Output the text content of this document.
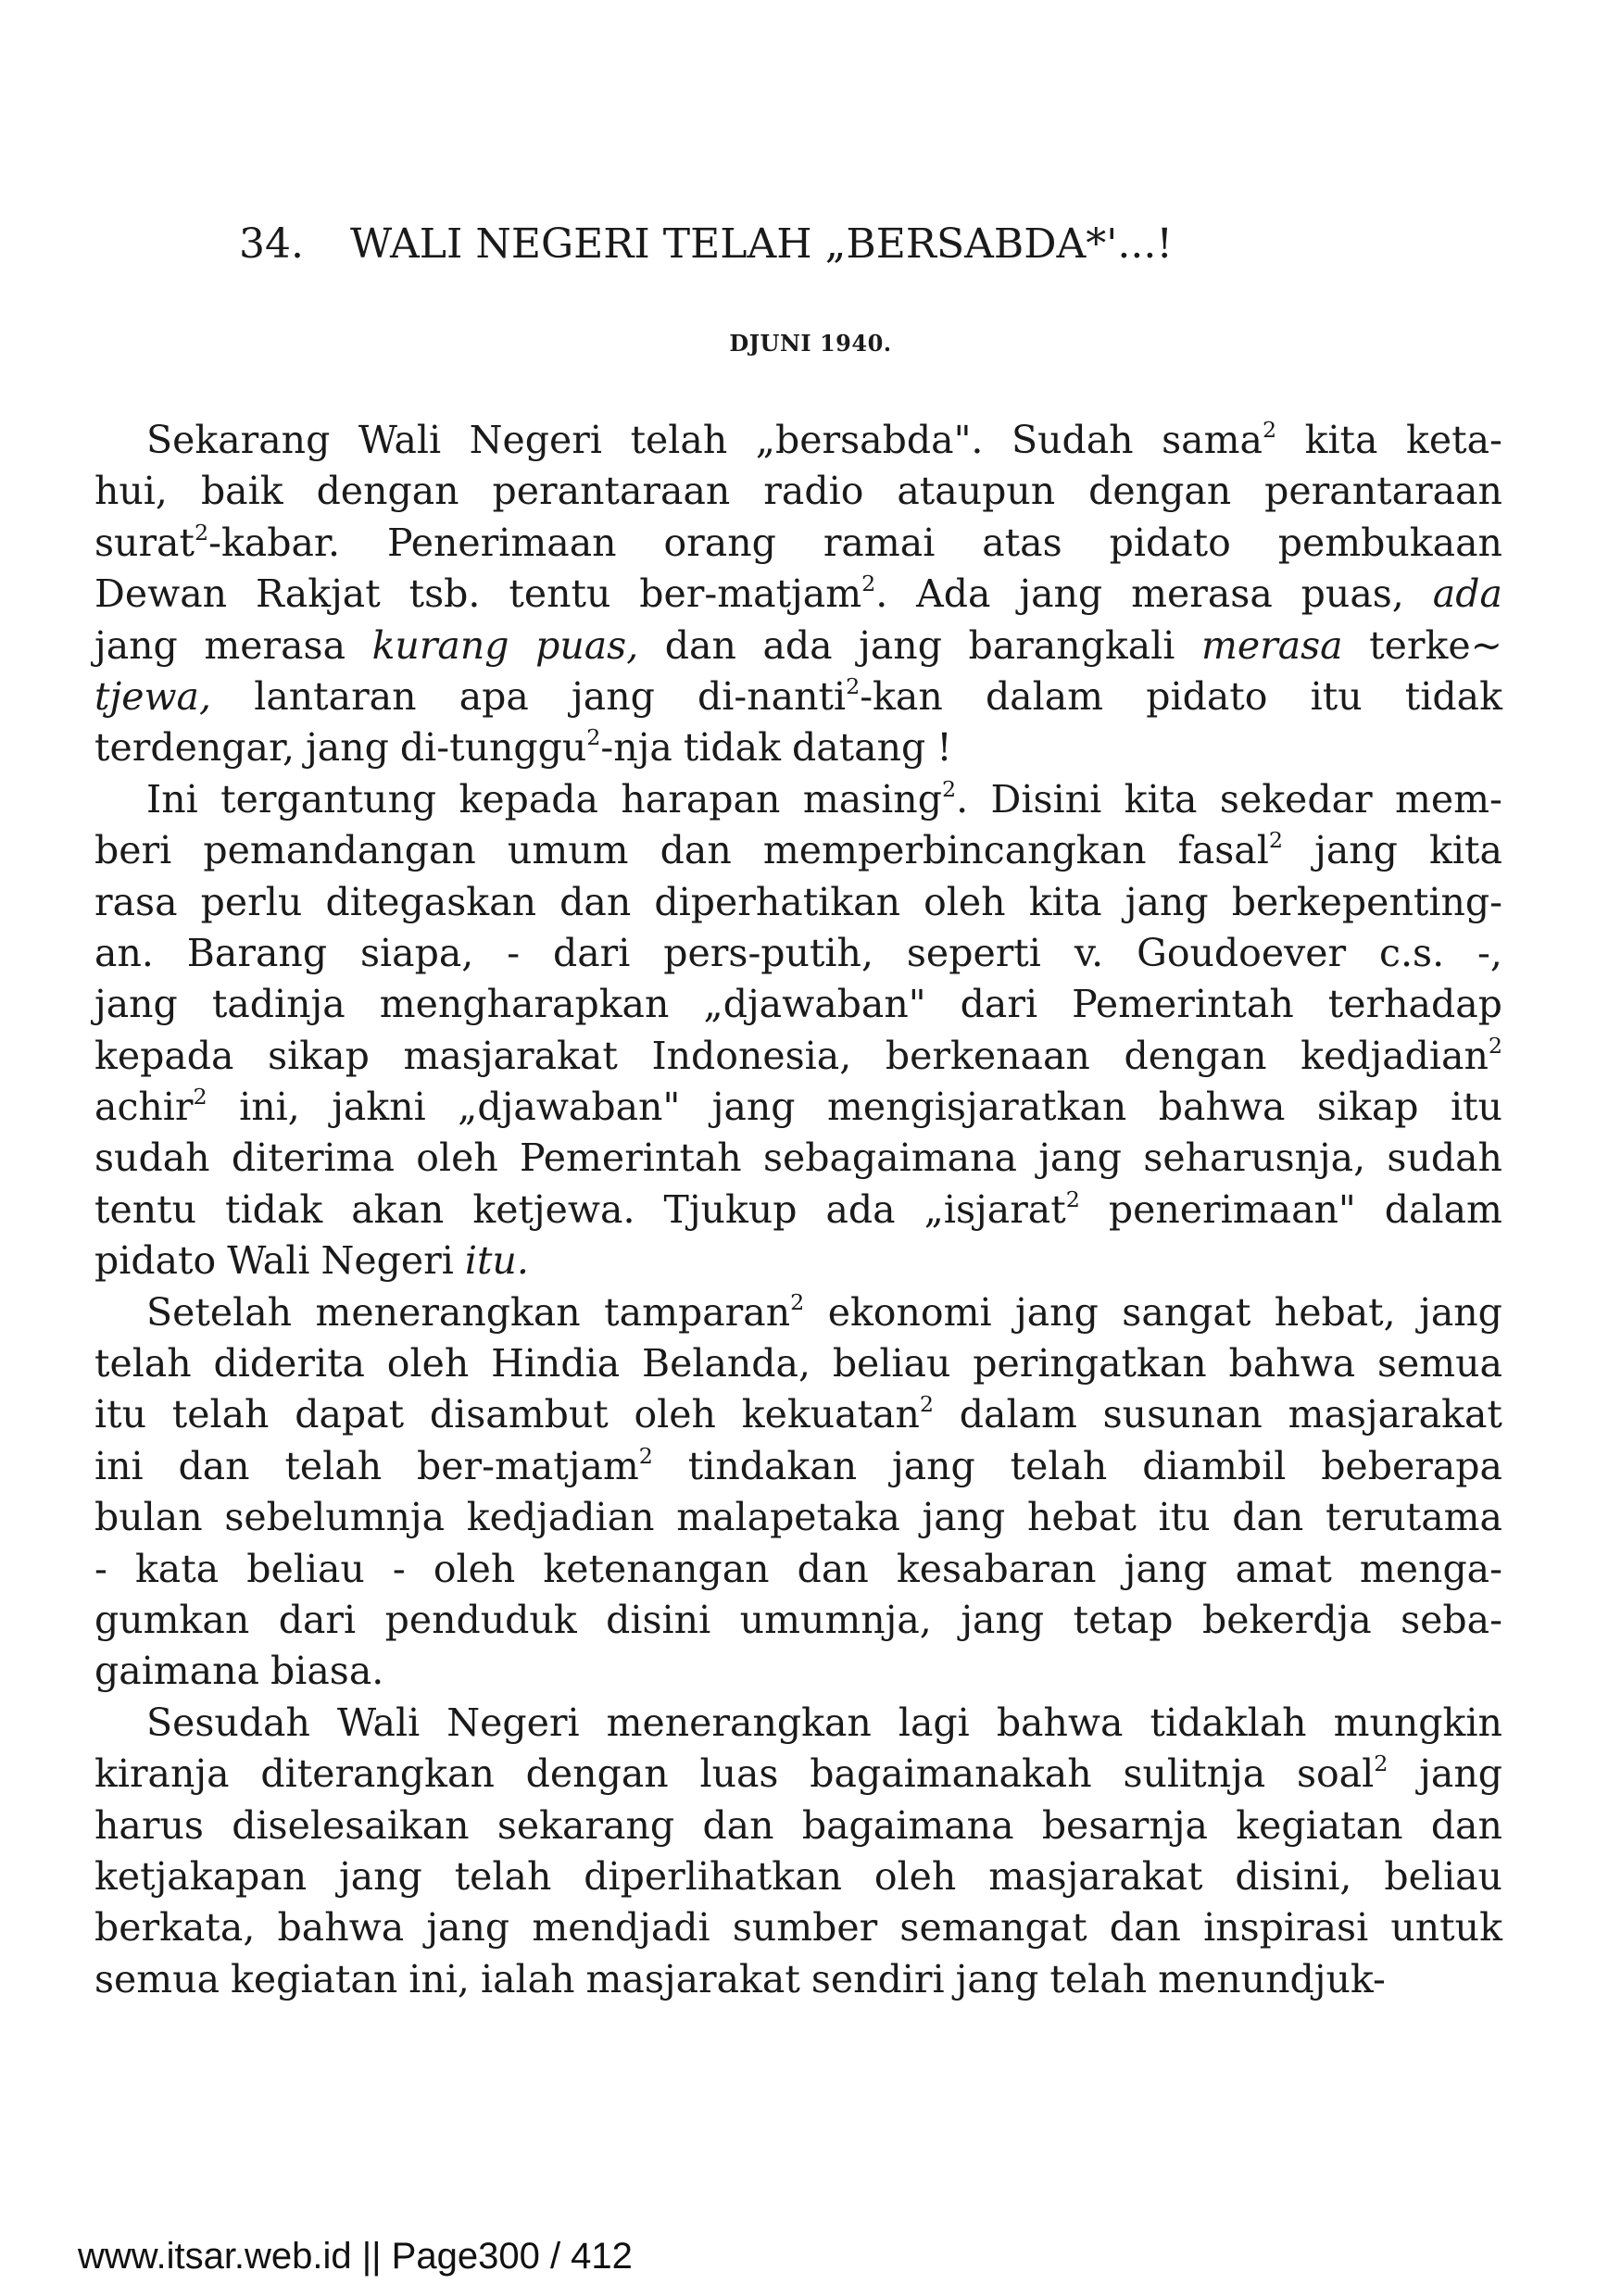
34. WALI NEGERI TELAH „BERSABDA*'...!
DJUNI 1940.
Sekarang Wali Negeri telah „bersabda". Sudah sama$^2$ kita keta-
hui, baik dengan perantaraan radio ataupun dengan perantaraan
surat$^2$-kabar. Penerimaan orang ramai atas pidato pembukaan
Dewan Rakjat tsb. tentu ber-matjam$^2$. Ada jang merasa puas, ada
jang merasa kurang puas, dan ada jang barangkali merasa terke~
tjewa, lantaran apa jang di-nanti$^2$-kan dalam pidato itu tidak
terdengar, jang di-tunggu$^2$-nja tidak datang !
Ini tergantung kepada harapan masing$^2$. Disini kita sekedar mem-
beri pemandangan umum dan memperbincangkan fasal$^2$ jang kita
rasa perlu ditegaskan dan diperhatikan oleh kita jang berkepenting-
an. Barang siapa, - dari pers-putih, seperti v. Goudoever c.s. -,
jang tadinja mengharapkan „djawaban" dari Pemerintah terhadap
kepada sikap masjarakat Indonesia, berkenaan dengan kedjadian$^2$
achir$^2$ ini, jakni „djawaban" jang mengisjaratkan bahwa sikap itu
sudah diterima oleh Pemerintah sebagaimana jang seharusnja, sudah
tentu tidak akan ketjewa. Tjukup ada „isjarat$^2$ penerimaan" dalam
pidato Wali Negeri itu.
Setelah menerangkan tamparan$^2$ ekonomi jang sangat hebat, jang
telah diderita oleh Hindia Belanda, beliau peringatkan bahwa semua
itu telah dapat disambut oleh kekuatan$^2$ dalam susunan masjarakat
ini dan telah ber-matjam$^2$ tindakan jang telah diambil beberapa
bulan sebelumnja kedjadian malapetaka jang hebat itu dan terutama
- kata beliau - oleh ketenangan dan kesabaran jang amat menga-
gumkan dari penduduk disini umumnja, jang tetap bekerdja seba-
gaimana biasa.
Sesudah Wali Negeri menerangkan lagi bahwa tidaklah mungkin
kiranja diterangkan dengan luas bagaimanakah sulitnja soal$^2$ jang
harus diselesaikan sekarang dan bagaimana besarnja kegiatan dan
ketjakapan jang telah diperlihatkan oleh masjarakat disini, beliau
berkata, bahwa jang mendjadi sumber semangat dan inspirasi untuk
semua kegiatan ini, ialah masjarakat sendiri jang telah menundjuk-
www.itsar.web.id || Page300 / 412
